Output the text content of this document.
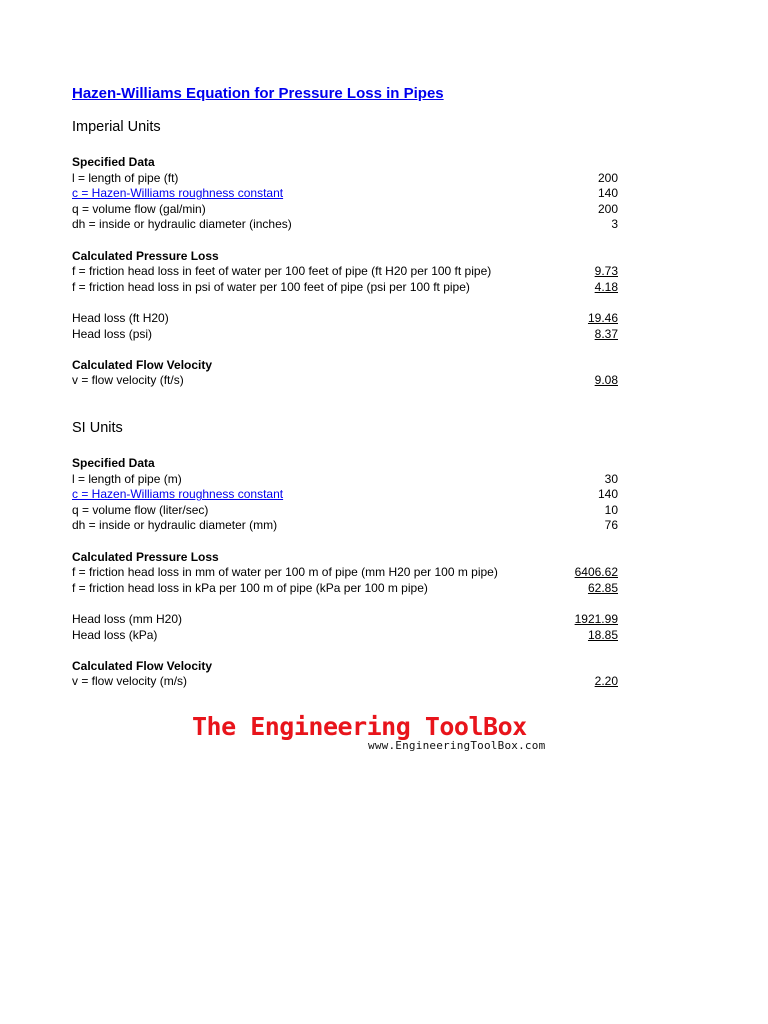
Hazen-Williams Equation for Pressure Loss in Pipes
Imperial Units
Specified Data
l = length of pipe (ft)	200
c = Hazen-Williams roughness constant	140
q = volume flow (gal/min)	200
dh = inside or hydraulic diameter (inches)	3
Calculated Pressure Loss
f = friction head loss in feet of water per 100 feet of pipe (ft H20 per 100 ft pipe)	9.73
f = friction head loss in psi of water per 100 feet of pipe (psi per 100 ft pipe)	4.18
Head loss (ft H20)	19.46
Head loss (psi)	8.37
Calculated Flow Velocity
v = flow velocity (ft/s)	9.08
SI Units
Specified Data
l = length of pipe (m)	30
c = Hazen-Williams roughness constant	140
q = volume flow (liter/sec)	10
dh = inside or hydraulic diameter (mm)	76
Calculated Pressure Loss
f = friction head loss in mm of water per 100 m of pipe (mm H20 per 100 m pipe)	6406.62
f = friction head loss in kPa per 100 m of pipe (kPa per 100 m pipe)	62.85
Head loss (mm H20)	1921.99
Head loss (kPa)	18.85
Calculated Flow Velocity
v = flow velocity (m/s)	2.20
The Engineering ToolBox
www.EngineeringToolBox.com
